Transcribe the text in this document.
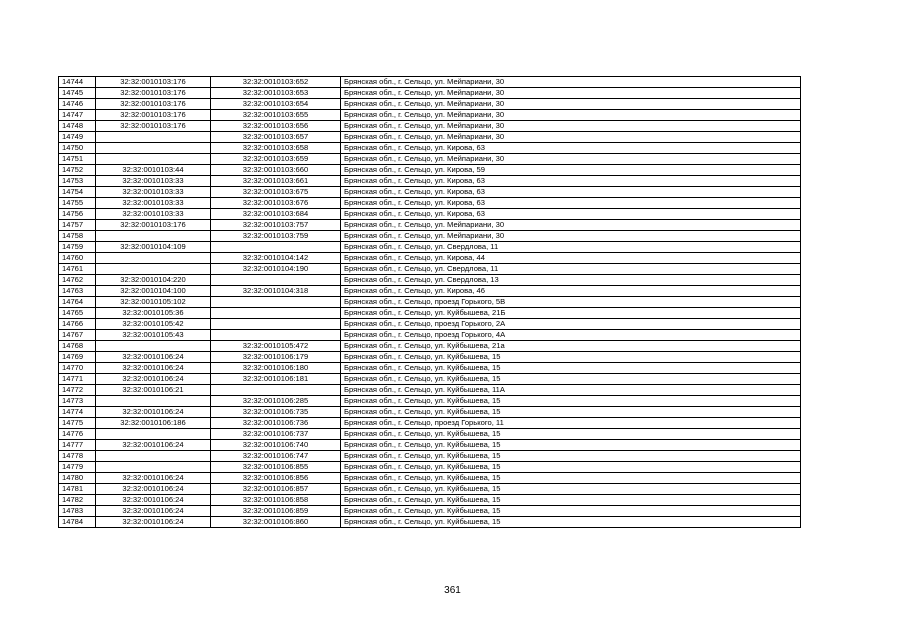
14744	32:32:0010103:176	32:32:0010103:652	Брянская обл., г. Сельцо, ул. Мейпариани, 30
14745	32:32:0010103:176	32:32:0010103:653	Брянская обл., г. Сельцо, ул. Мейпариани, 30
14746	32:32:0010103:176	32:32:0010103:654	Брянская обл., г. Сельцо, ул. Мейпариани, 30
14747	32:32:0010103:176	32:32:0010103:655	Брянская обл., г. Сельцо, ул. Мейпариани, 30
14748	32:32:0010103:176	32:32:0010103:656	Брянская обл., г. Сельцо, ул. Мейпариани, 30
14749		32:32:0010103:657	Брянская обл., г. Сельцо, ул. Мейпариани, 30
14750		32:32:0010103:658	Брянская обл., г. Сельцо, ул. Кирова, 63
14751		32:32:0010103:659	Брянская обл., г. Сельцо, ул. Мейпариани, 30
14752	32:32:0010103:44	32:32:0010103:660	Брянская обл., г. Сельцо, ул. Кирова, 59
14753	32:32:0010103:33	32:32:0010103:661	Брянская обл., г. Сельцо, ул. Кирова, 63
14754	32:32:0010103:33	32:32:0010103:675	Брянская обл., г. Сельцо, ул. Кирова, 63
14755	32:32:0010103:33	32:32:0010103:676	Брянская обл., г. Сельцо, ул. Кирова, 63
14756	32:32:0010103:33	32:32:0010103:684	Брянская обл., г. Сельцо, ул. Кирова, 63
14757	32:32:0010103:176	32:32:0010103:757	Брянская обл., г. Сельцо, ул. Мейпариани, 30
14758		32:32:0010103:759	Брянская обл., г. Сельцо, ул. Мейпариани, 30
14759	32:32:0010104:109		Брянская обл., г. Сельцо, ул. Свердлова, 11
14760		32:32:0010104:142	Брянская обл., г. Сельцо, ул. Кирова, 44
14761		32:32:0010104:190	Брянская обл., г. Сельцо, ул. Свердлова, 11
14762	32:32:0010104:220		Брянская обл., г. Сельцо, ул. Свердлова, 13
14763	32:32:0010104:100	32:32:0010104:318	Брянская обл., г. Сельцо, ул. Кирова, 46
14764	32:32:0010105:102		Брянская обл., г. Сельцо, проезд Горького, 5В
14765	32:32:0010105:36		Брянская обл., г. Сельцо, ул. Куйбышева, 21Б
14766	32:32:0010105:42		Брянская обл., г. Сельцо, проезд Горького, 2А
14767	32:32:0010105:43		Брянская обл., г. Сельцо, проезд Горького, 4А
14768		32:32:0010105:472	Брянская обл., г. Сельцо, ул. Куйбышева, 21а
14769	32:32:0010106:24	32:32:0010106:179	Брянская обл., г. Сельцо, ул. Куйбышева, 15
14770	32:32:0010106:24	32:32:0010106:180	Брянская обл., г. Сельцо, ул. Куйбышева, 15
14771	32:32:0010106:24	32:32:0010106:181	Брянская обл., г. Сельцо, ул. Куйбышева, 15
14772	32:32:0010106:21		Брянская обл., г. Сельцо, ул. Куйбышева, 11А
14773		32:32:0010106:285	Брянская обл., г. Сельцо, ул. Куйбышева, 15
14774	32:32:0010106:24	32:32:0010106:735	Брянская обл., г. Сельцо, ул. Куйбышева, 15
14775	32:32:0010106:186	32:32:0010106:736	Брянская обл., г. Сельцо, проезд Горького, 11
14776		32:32:0010106:737	Брянская обл., г. Сельцо, ул. Куйбышева, 15
14777	32:32:0010106:24	32:32:0010106:740	Брянская обл., г. Сельцо, ул. Куйбышева, 15
14778		32:32:0010106:747	Брянская обл., г. Сельцо, ул. Куйбышева, 15
14779		32:32:0010106:855	Брянская обл., г. Сельцо, ул. Куйбышева, 15
14780	32:32:0010106:24	32:32:0010106:856	Брянская обл., г. Сельцо, ул. Куйбышева, 15
14781	32:32:0010106:24	32:32:0010106:857	Брянская обл., г. Сельцо, ул. Куйбышева, 15
14782	32:32:0010106:24	32:32:0010106:858	Брянская обл., г. Сельцо, ул. Куйбышева, 15
14783	32:32:0010106:24	32:32:0010106:859	Брянская обл., г. Сельцо, ул. Куйбышева, 15
14784	32:32:0010106:24	32:32:0010106:860	Брянская обл., г. Сельцо, ул. Куйбышева, 15
361
